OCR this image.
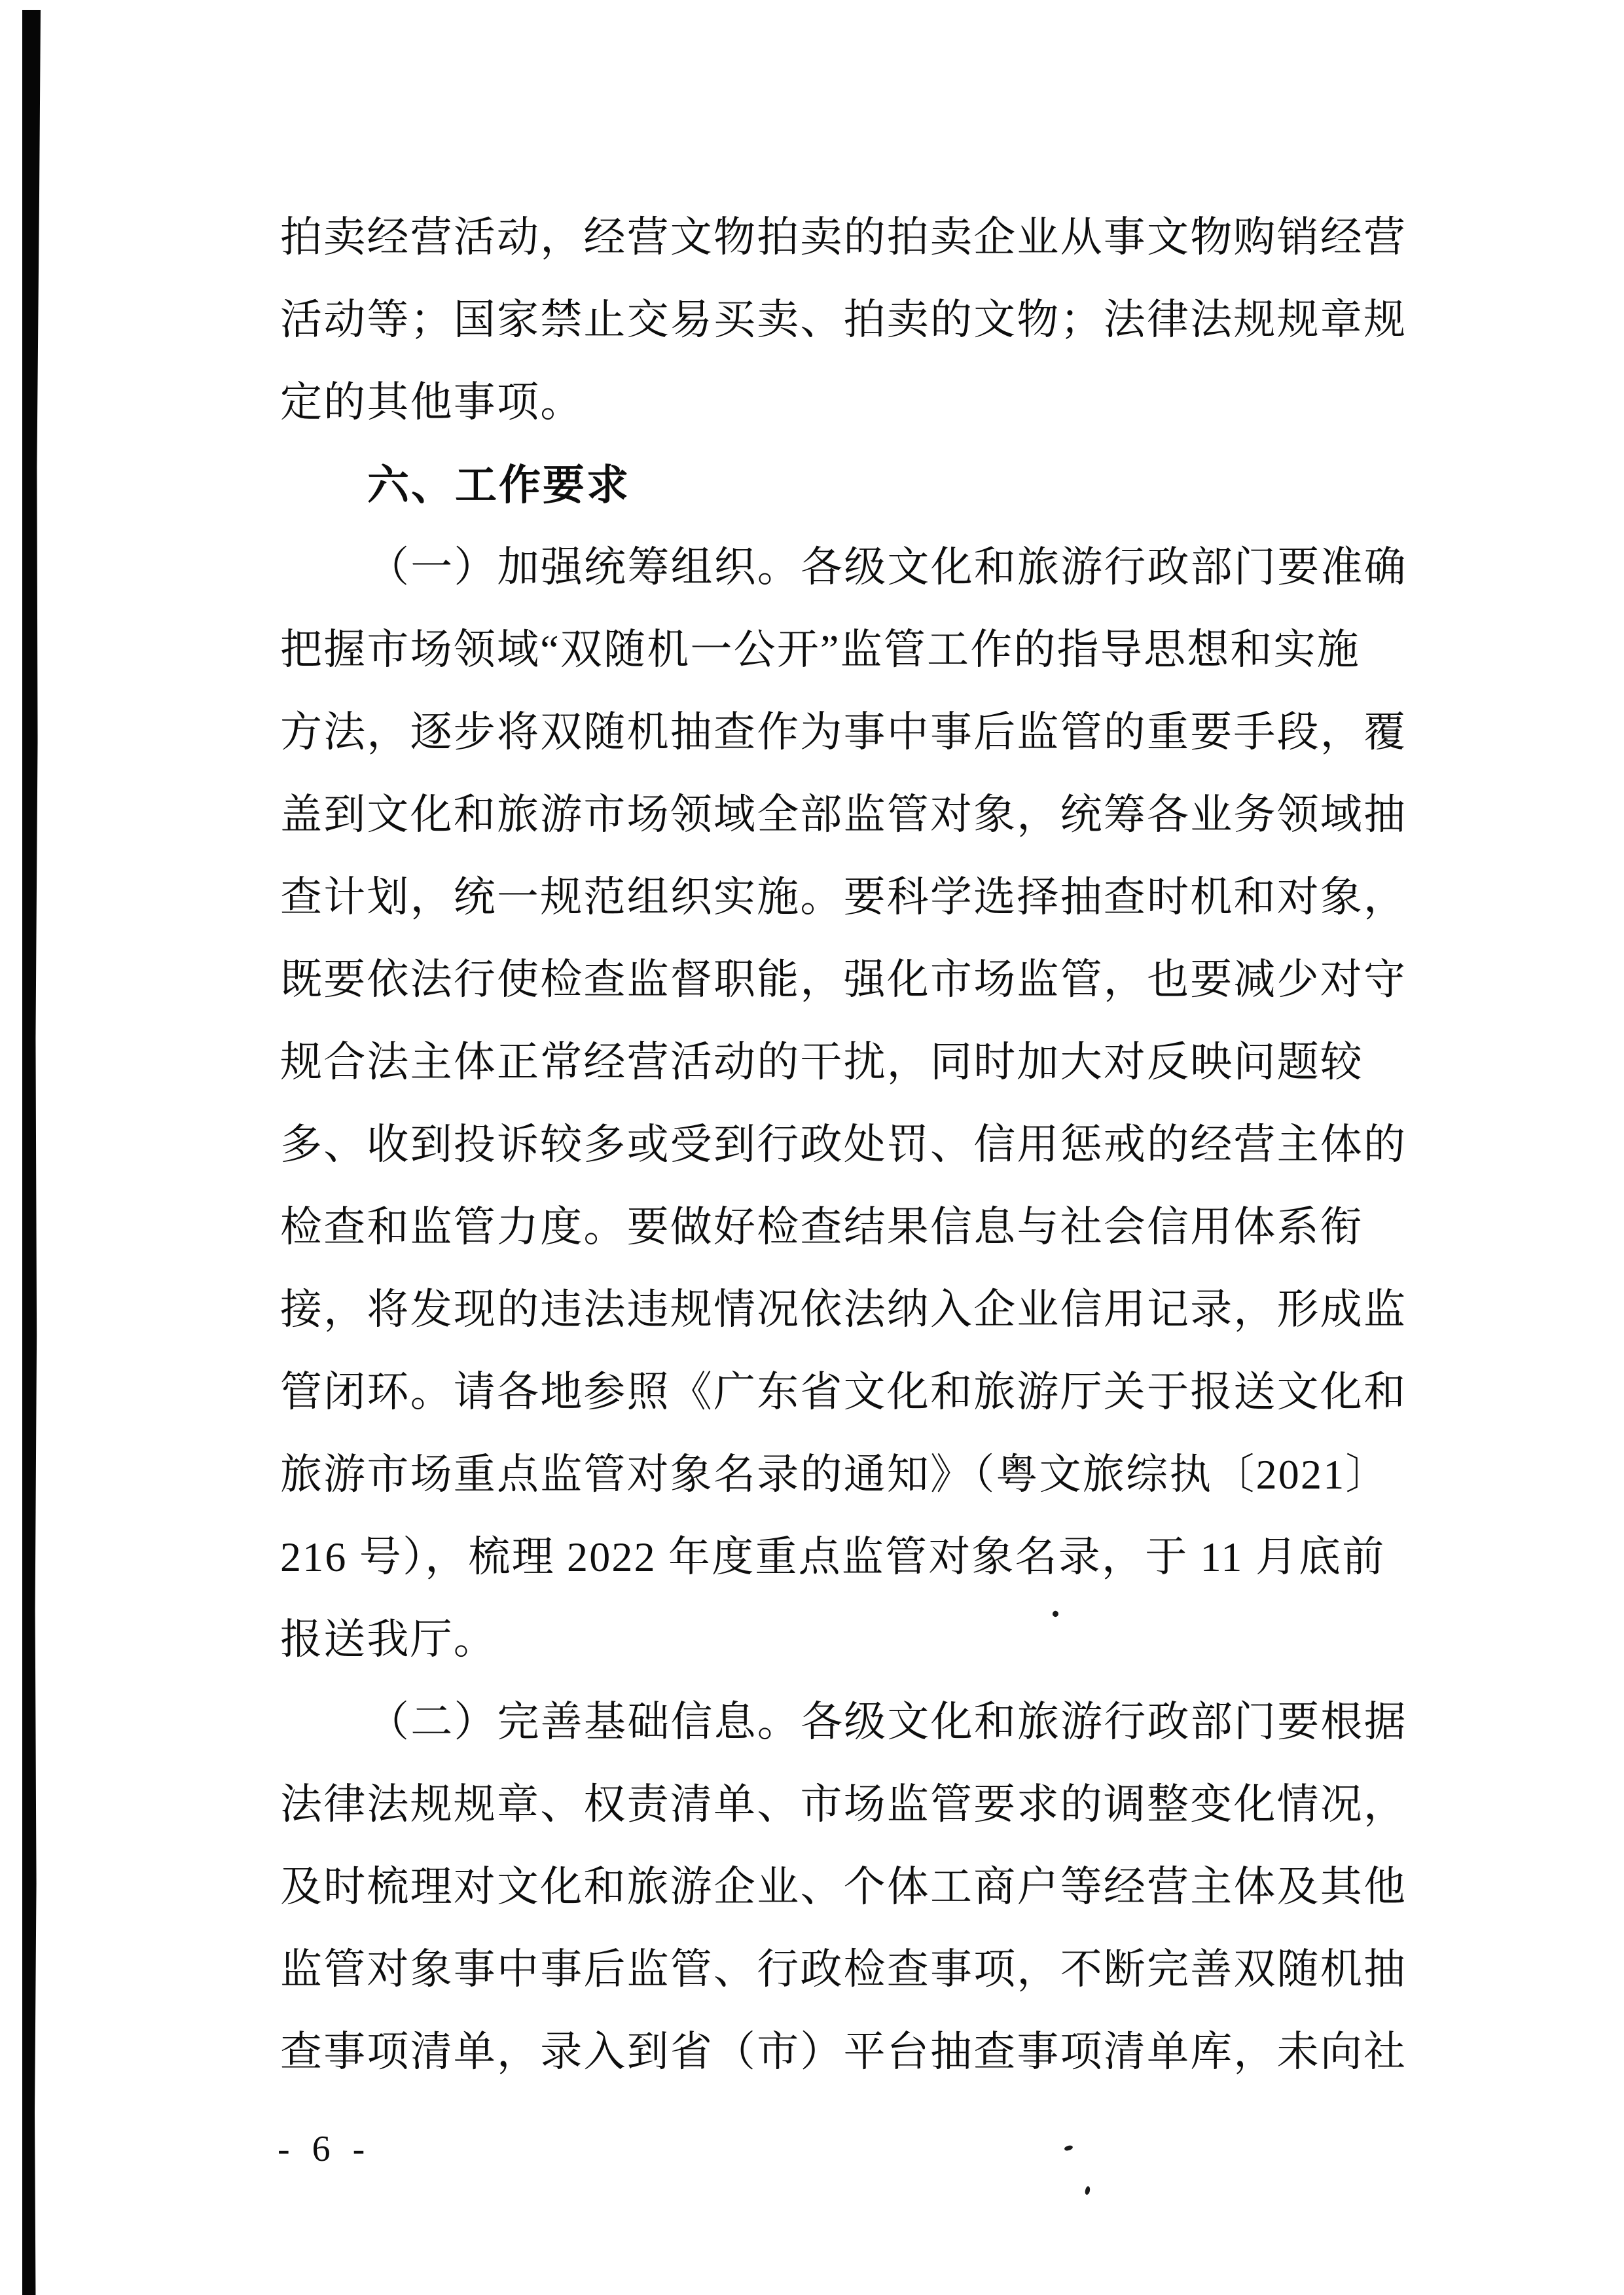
拍卖经营活动，经营文物拍卖的拍卖企业从事文物购销经营
活动等；国家禁止交易买卖、拍卖的文物；法律法规规章规
定的其他事项。
六、工作要求
（一）加强统筹组织。各级文化和旅游行政部门要准确
把握市场领域“双随机一公开”监管工作的指导思想和实施
方法，逐步将双随机抽查作为事中事后监管的重要手段，覆
盖到文化和旅游市场领域全部监管对象，统筹各业务领域抽
查计划，统一规范组织实施。要科学选择抽查时机和对象，
既要依法行使检查监督职能，强化市场监管，也要减少对守
规合法主体正常经营活动的干扰，同时加大对反映问题较
多、收到投诉较多或受到行政处罚、信用惩戒的经营主体的
检查和监管力度。要做好检查结果信息与社会信用体系衔
接，将发现的违法违规情况依法纳入企业信用记录，形成监
管闭环。请各地参照《广东省文化和旅游厅关于报送文化和
旅游市场重点监管对象名录的通知》（粤文旅综执〔2021〕
216 号），梳理 2022 年度重点监管对象名录，于 11 月底前
报送我厅。
（二）完善基础信息。各级文化和旅游行政部门要根据
法律法规规章、权责清单、市场监管要求的调整变化情况，
及时梳理对文化和旅游企业、个体工商户等经营主体及其他
监管对象事中事后监管、行政检查事项，不断完善双随机抽
查事项清单，录入到省（市）平台抽查事项清单库，未向社
- 6 -
